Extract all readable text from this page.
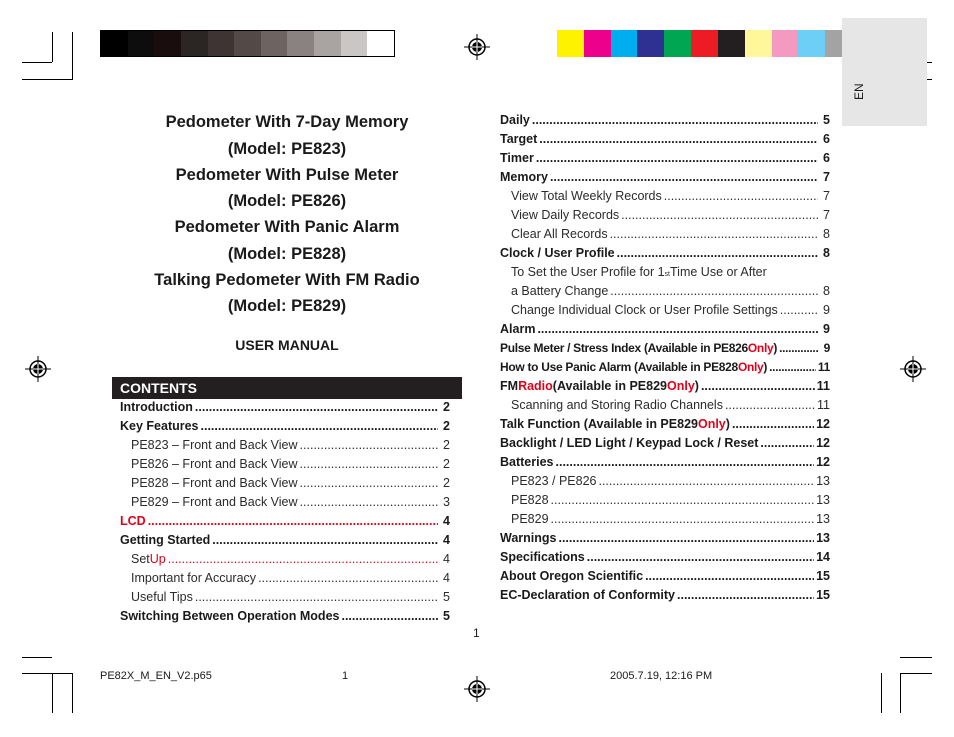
EN
Pedometer With 7-Day Memory
(Model: PE823)
Pedometer With Pulse Meter
(Model: PE826)
Pedometer With Panic Alarm
(Model: PE828)
Talking Pedometer With FM Radio
(Model: PE829)
USER MANUAL
CONTENTS
Introduction .....	2
Key Features .....	2
PE823 – Front and Back View .....	2
PE826 – Front and Back View .....	2
PE828 – Front and Back View .....	2
PE829 – Front and Back View .....	3
LCD .....	4
Getting Started .....	4
Set Up .....	4
Important for Accuracy .....	4
Useful Tips .....	5
Switching Between Operation Modes .....	5
Daily .....	5
Target .....	6
Timer .....	6
Memory .....	7
View Total Weekly Records .....	7
View Daily Records .....	7
Clear All Records .....	8
Clock / User Profile .....	8
To Set the User Profile for 1 st Time Use or After
a Battery Change .....	8
Change Individual Clock or User Profile Settings .....	9
Alarm .....	9
Pulse Meter / Stress Index (Available in PE826 Only ) .....	9
How to Use Panic Alarm (Available in PE828 Only ) .....	11
FM Radio (Available in PE829 Only ) .....	11
Scanning and Storing Radio Channels .....	11
Talk Function (Available in PE829 Only ) .....	12
Backlight / LED Light / Keypad Lock / Reset .....	12
Batteries .....	12
PE823 / PE826 .....	13
PE828 .....	13
PE829 .....	13
Warnings .....	13
Specifications .....	14
About Oregon Scientific .....	15
EC-Declaration of Conformity .....	15
1
PE82X_M_EN_V2.p65	1	2005.7.19, 12:16 PM
